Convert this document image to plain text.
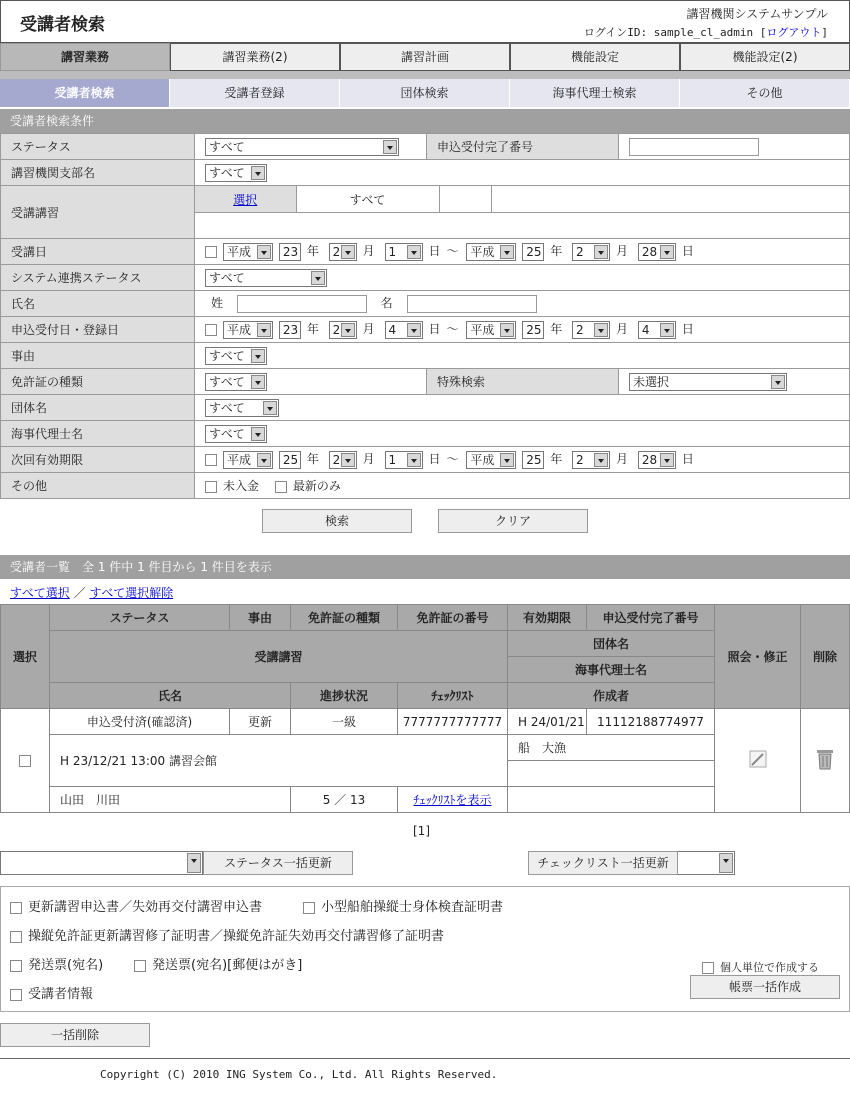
受講者検索
講習機関システムサンプル
ログインID: sample_cl_admin [ログアウト]
講習業務	講習業務(2)	講習計画	機能設定	機能設定(2)
受講者検索	受講者登録	団体検索	海事代理士検索	その他
受講者検索条件
ステータス	すべて	申込受付完了番号	
講習機関支部名	すべて

受講講習	
選択	すべて		

受講日	平成	23 年 2 月 1	日 〜 平成	25 年 2	月 28 日
システム連携ステータス	すべて

氏名	姓	名
申込受付日・登録日	平成	23 年 2 月 4	日 〜 平成	25 年 2	月 4	日
事由	すべて

免許証の種類	すべて	特殊検索	未選択

団体名	すべて

海事代理士名	すべて

次回有効期限	平成	25 年 2 月 1	日 〜 平成	25 年 2	月 28 日
その他	未入金	最新のみ
検索	クリア
受講者一覧　全 1 件中 1 件目から 1 件目を表示
すべて選択 ／ すべて選択解除
選択	ステータス	事由	免許証の種類	免許証の番号	有効期限	申込受付完了番号	照会・修正	削除
	受講講習				団体名			
					海事代理士名			
	氏名		進捗状況	ﾁｪｯｸﾘｽﾄ	作成者			
	申込受付済(確認済)	更新	一級	7777777777777	H 24/01/21	11112188774977		
	H 23/12/21 13:00 講習会館				船　大漁			

	山田　川田		5 ／ 13	ﾁｪｯｸﾘｽﾄを表示				
[1]

ステータス一括更新	チェックリスト一括更新
更新講習申込書／失効再交付講習申込書	小型船舶操縦士身体検査証明書
操縦免許証更新講習修了証明書／操縦免許証失効再交付講習修了証明書
発送票(宛名)	発送票(宛名)[郵便はがき]
受講者情報
個人単位で作成する
帳票一括作成
一括削除
Copyright (C) 2010 ING System Co., Ltd. All Rights Reserved.
